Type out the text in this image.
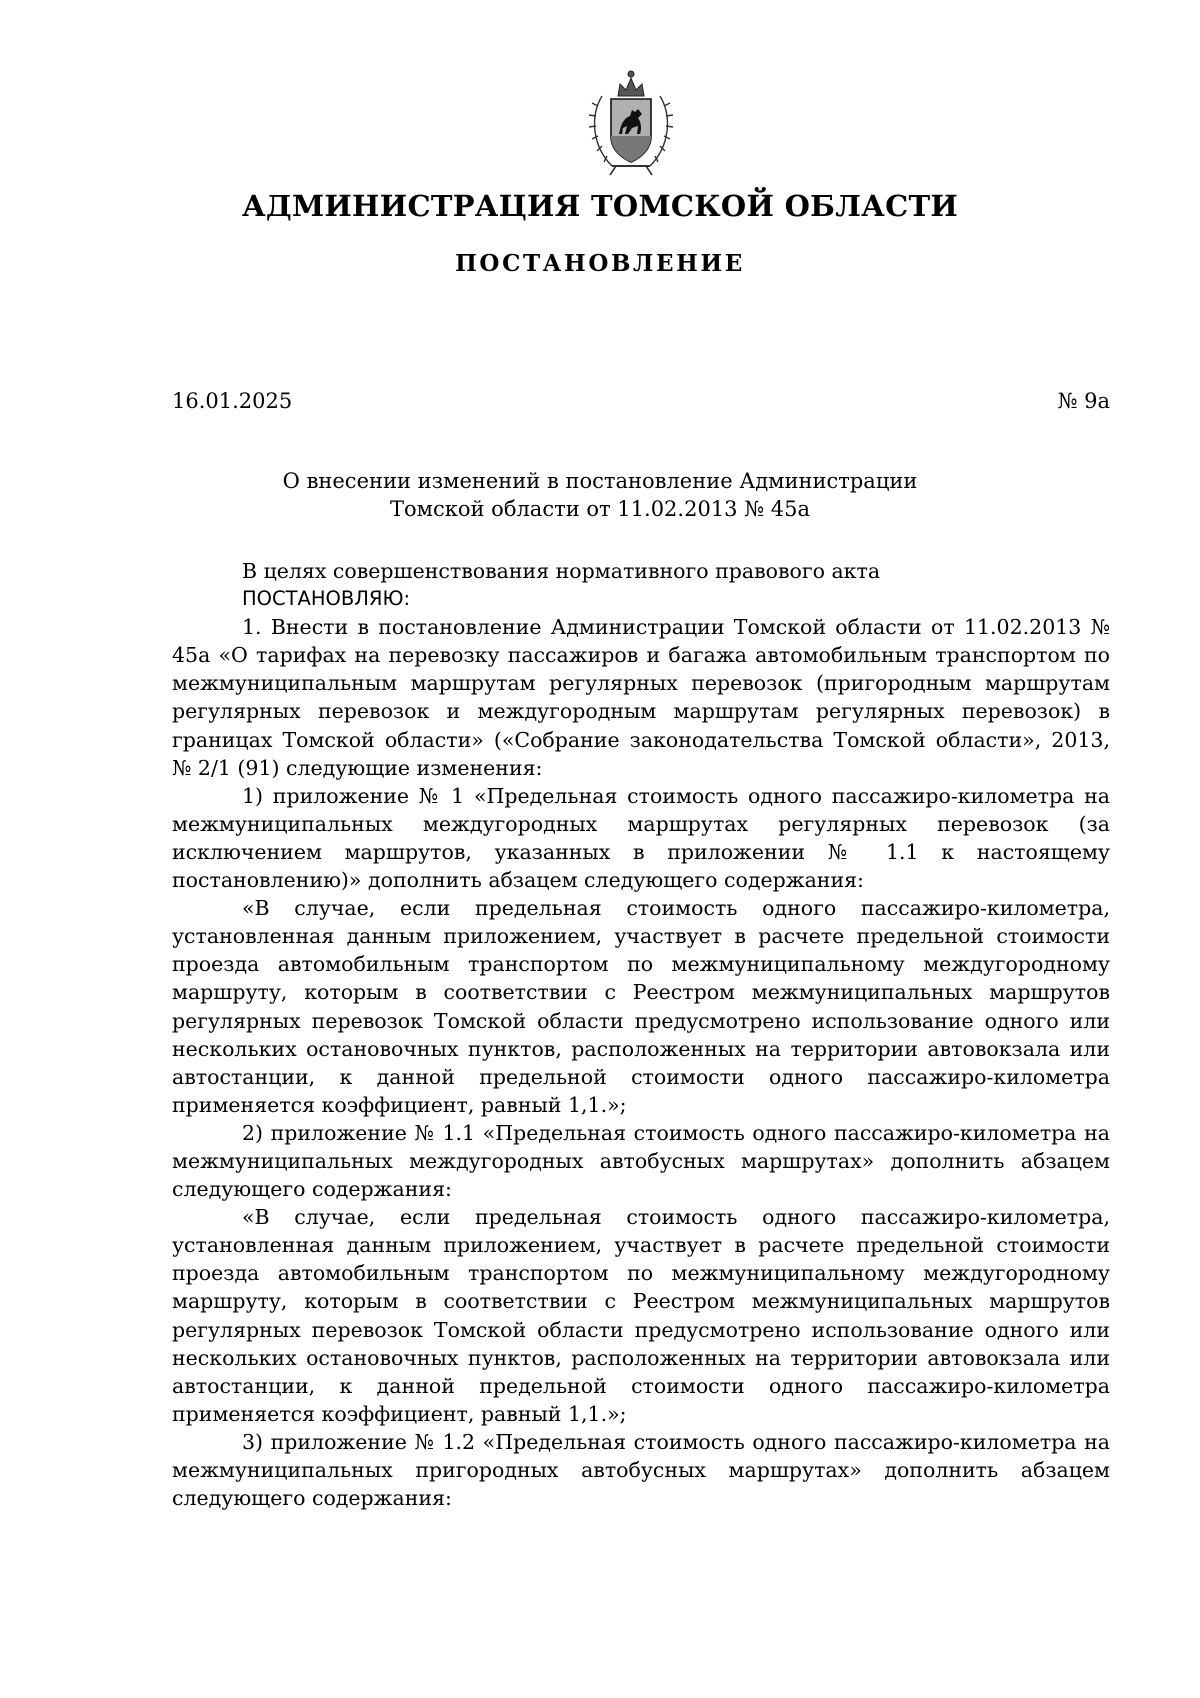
АДМИНИСТРАЦИЯ ТОМСКОЙ ОБЛАСТИ
ПОСТАНОВЛЕНИЕ
16.01.2025	№ 9а
О внесении изменений в постановление Администрации
Томской области от 11.02.2013 № 45а

В целях совершенствования нормативного правового акта

ПОСТАНОВЛЯЮ:

1. Внести в постановление Администрации Томской области от 11.02.2013 № 45а «О тарифах на перевозку пассажиров и багажа автомобильным транспортом по межмуниципальным маршрутам регулярных перевозок (пригородным маршрутам регулярных перевозок и междугородным маршрутам регулярных перевозок) в границах Томской области» («Собрание законодательства Томской области», 2013, № 2/1 (91) следующие изменения:

1) приложение № 1 «Предельная стоимость одного пассажиро-километра на межмуниципальных междугородных маршрутах регулярных перевозок (за исключением маршрутов, указанных в приложении № 1.1 к настоящему постановлению)» дополнить абзацем следующего содержания:

«В случае, если предельная стоимость одного пассажиро-километра, установленная данным приложением, участвует в расчете предельной стоимости проезда автомобильным транспортом по межмуниципальному междугородному маршруту, которым в соответствии с Реестром межмуниципальных маршрутов регулярных перевозок Томской области предусмотрено использование одного или нескольких остановочных пунктов, расположенных на территории автовокзала или автостанции, к данной предельной стоимости одного пассажиро-километра применяется коэффициент, равный 1,1.»;

2) приложение № 1.1 «Предельная стоимость одного пассажиро-километра на межмуниципальных междугородных автобусных маршрутах» дополнить абзацем следующего содержания:

«В случае, если предельная стоимость одного пассажиро-километра, установленная данным приложением, участвует в расчете предельной стоимости проезда автомобильным транспортом по межмуниципальному междугородному маршруту, которым в соответствии с Реестром межмуниципальных маршрутов регулярных перевозок Томской области предусмотрено использование одного или нескольких остановочных пунктов, расположенных на территории автовокзала или автостанции, к данной предельной стоимости одного пассажиро-километра применяется коэффициент, равный 1,1.»;

3) приложение № 1.2 «Предельная стоимость одного пассажиро-километра на межмуниципальных пригородных автобусных маршрутах» дополнить абзацем следующего содержания:
